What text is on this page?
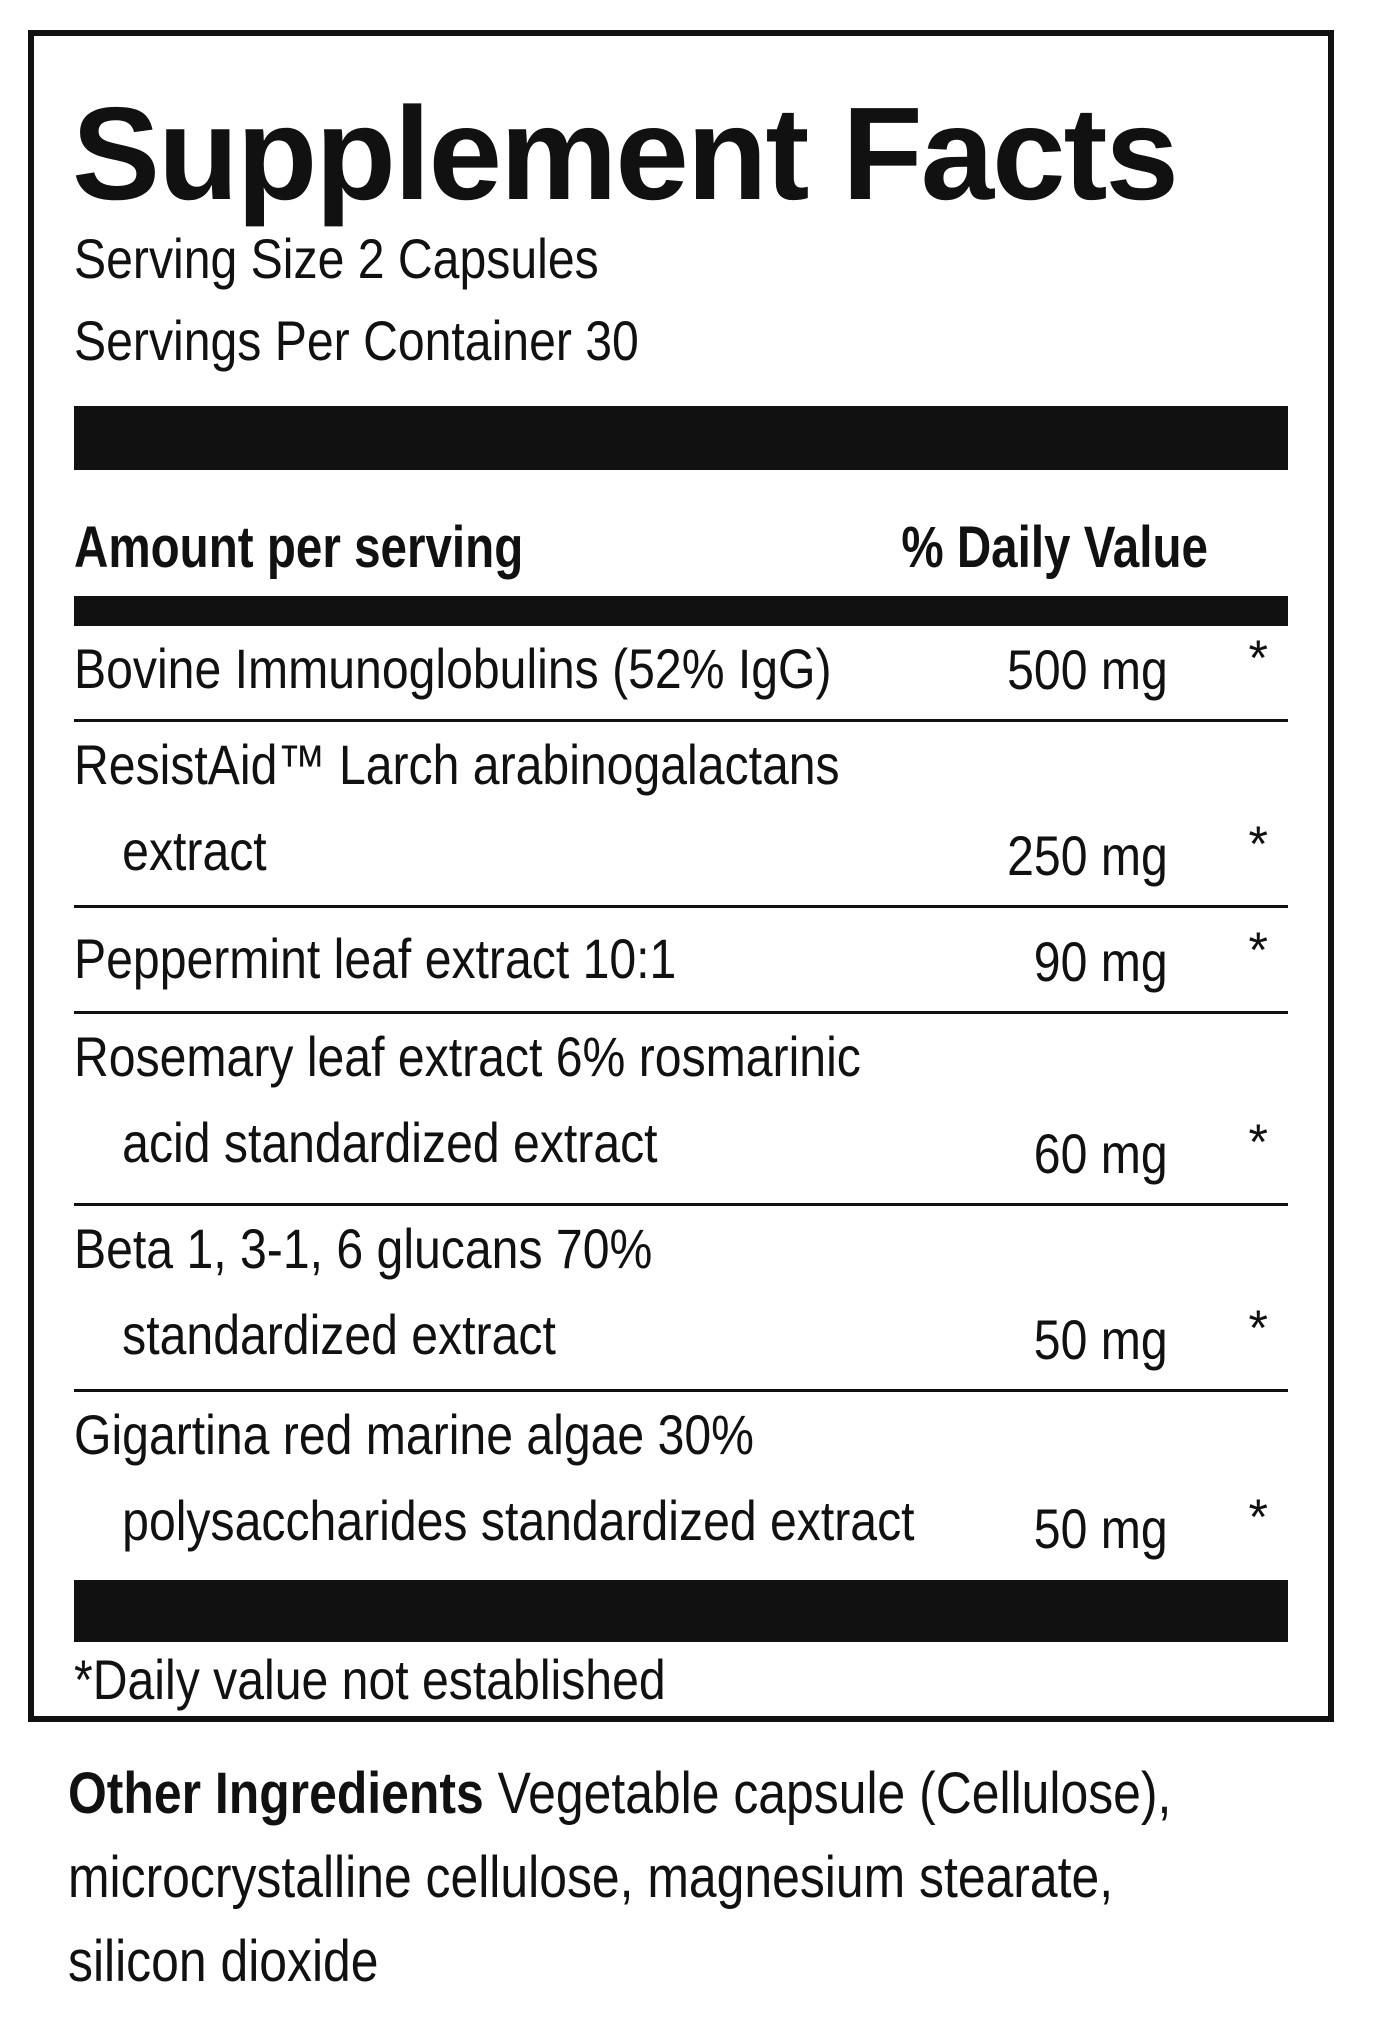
Supplement Facts
Serving Size 2 Capsules
Servings Per Container 30
Amount per serving	% Daily Value
Bovine Immunoglobulins (52% IgG)	500 mg *
ResistAid™ Larch arabinogalactans
extract	250 mg *
Peppermint leaf extract 10:1	90 mg *
Rosemary leaf extract 6% rosmarinic
acid standardized extract	60 mg *
Beta 1, 3-1, 6 glucans 70%
standardized extract	50 mg *
Gigartina red marine algae 30%
polysaccharides standardized extract 50 mg *
*Daily value not established
Other Ingredients Vegetable capsule (Cellulose),
microcrystalline cellulose, magnesium stearate,
silicon dioxide
